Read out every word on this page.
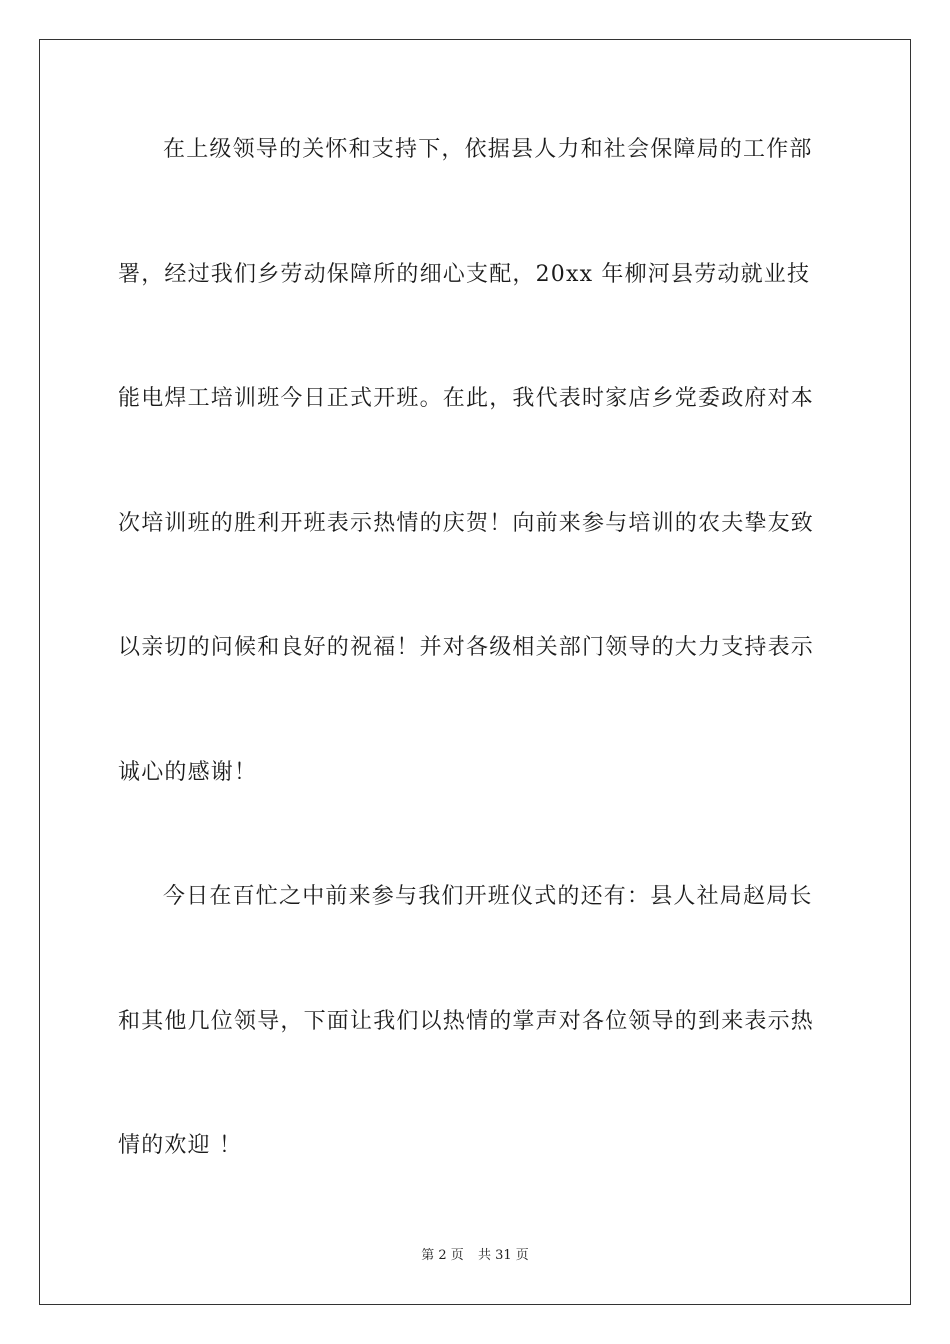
在上级领导的关怀和支持下，依据县人力和社会保障局的工作部
署，经过我们乡劳动保障所的细心支配，20xx 年柳河县劳动就业技
能电焊工培训班今日正式开班。在此，我代表时家店乡党委政府对本
次培训班的胜利开班表示热情的庆贺！向前来参与培训的农夫挚友致
以亲切的问候和良好的祝福！并对各级相关部门领导的大力支持表示
诚心的感谢！
今日在百忙之中前来参与我们开班仪式的还有：县人社局赵局长
和其他几位领导，下面让我们以热情的掌声对各位领导的到来表示热
情的欢迎 ！
第 2 页 共 31 页
